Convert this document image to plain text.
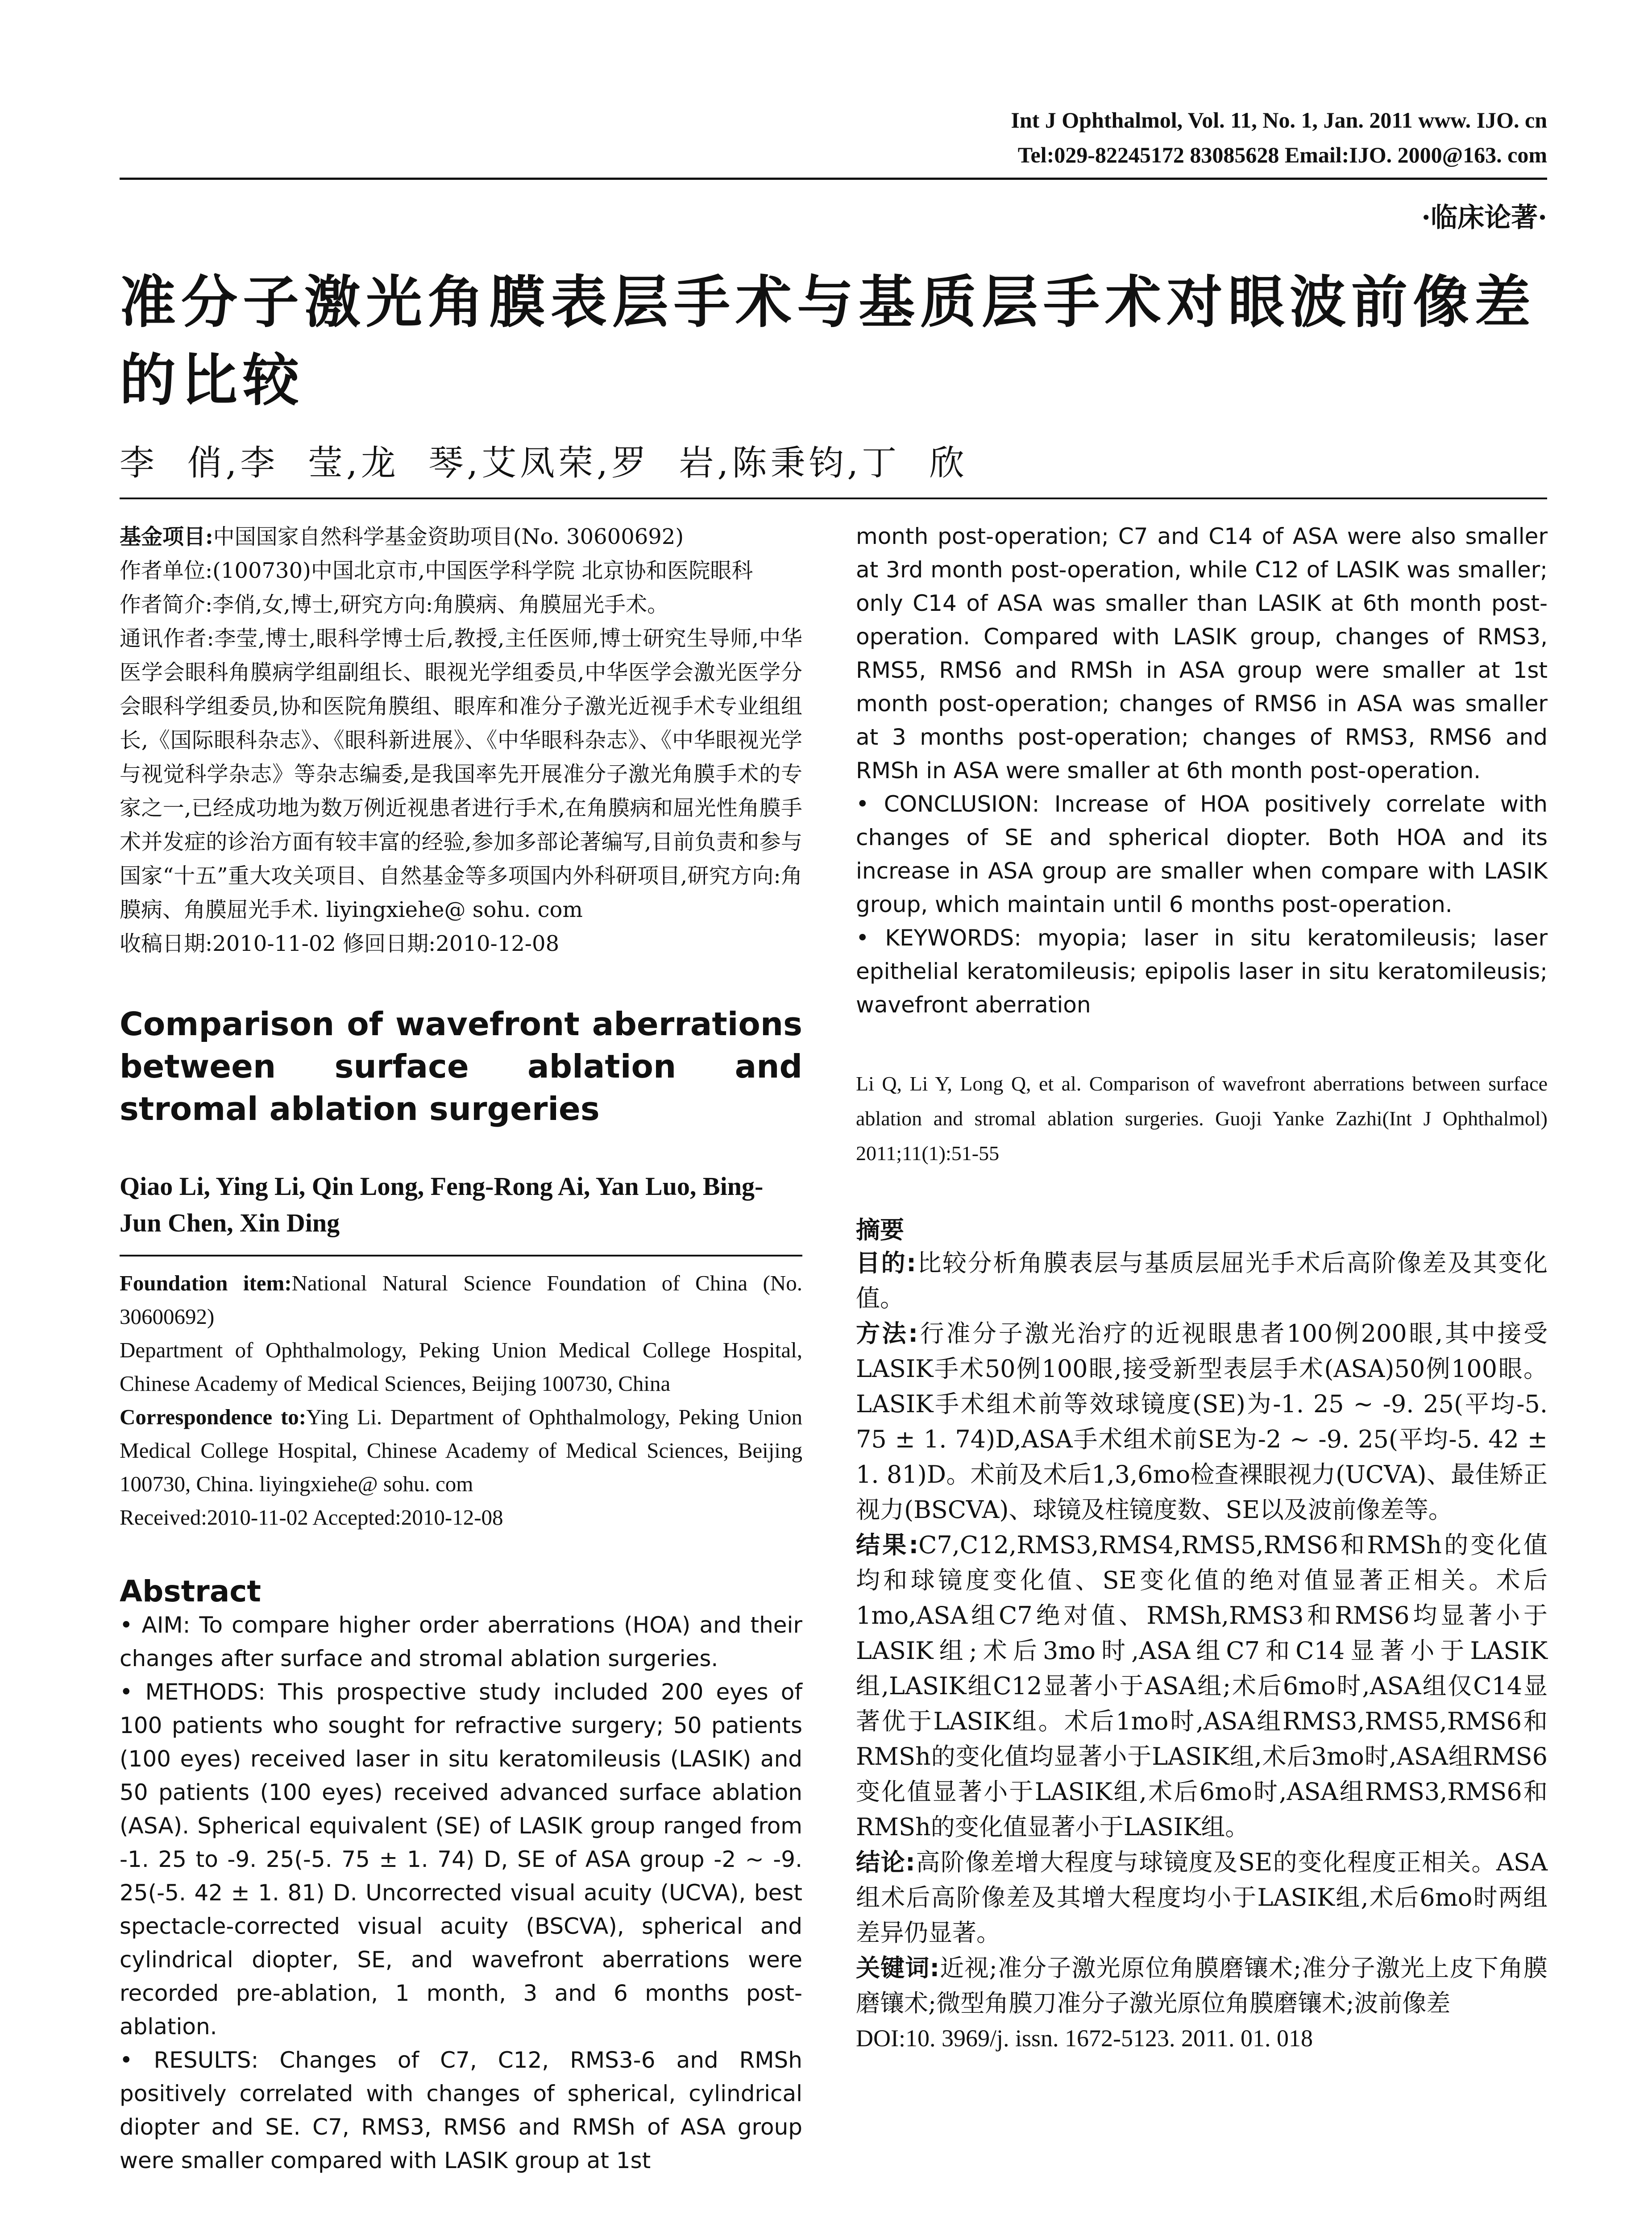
Int J Ophthalmol, Vol. 11, No. 1, Jan. 2011 www. IJO. cn
Tel:029-82245172 83085628 Email:IJO. 2000@163. com
·临床论著·
准分子激光角膜表层手术与基质层手术对眼波前像差的比较
李  俏,李  莹,龙  琴,艾凤荣,罗  岩,陈秉钧,丁  欣

基金项目:中国国家自然科学基金资助项目(No. 30600692)

作者单位:(100730)中国北京市,中国医学科学院 北京协和医院眼科

作者简介:李俏,女,博士,研究方向:角膜病、角膜屈光手术。

通讯作者:李莹,博士,眼科学博士后,教授,主任医师,博士研究生导师,中华医学会眼科角膜病学组副组长、眼视光学组委员,中华医学会激光医学分会眼科学组委员,协和医院角膜组、眼库和准分子激光近视手术专业组组长,《国际眼科杂志》、《眼科新进展》、《中华眼科杂志》、《中华眼视光学与视觉科学杂志》等杂志编委,是我国率先开展准分子激光角膜手术的专家之一,已经成功地为数万例近视患者进行手术,在角膜病和屈光性角膜手术并发症的诊治方面有较丰富的经验,参加多部论著编写,目前负责和参与国家“十五”重大攻关项目、自然基金等多项国内外科研项目,研究方向:角膜病、角膜屈光手术. liyingxiehe@ sohu. com

收稿日期:2010-11-02 修回日期:2010-12-08

Comparison of wavefront aberrations between surface ablation and stromal ablation surgeries
Qiao Li, Ying Li, Qin Long, Feng-Rong Ai, Yan Luo, Bing-Jun Chen, Xin Ding

Foundation item:National Natural Science Foundation of China (No. 30600692)

Department of Ophthalmology, Peking Union Medical College Hospital, Chinese Academy of Medical Sciences, Beijing 100730, China

Correspondence to:Ying Li. Department of Ophthalmology, Peking Union Medical College Hospital, Chinese Academy of Medical Sciences, Beijing 100730, China. liyingxiehe@ sohu. com

Received:2010-11-02 Accepted:2010-12-08

Abstract

• AIM: To compare higher order aberrations (HOA) and their changes after surface and stromal ablation surgeries.

• METHODS: This prospective study included 200 eyes of 100 patients who sought for refractive surgery; 50 patients (100 eyes) received laser in situ keratomileusis (LASIK) and 50 patients (100 eyes) received advanced surface ablation (ASA). Spherical equivalent (SE) of LASIK group ranged from -1. 25 to -9. 25(-5. 75 ± 1. 74) D, SE of ASA group -2 ~ -9. 25(-5. 42 ± 1. 81) D. Uncorrected visual acuity (UCVA), best spectacle-corrected visual acuity (BSCVA), spherical and cylindrical diopter, SE, and wavefront aberrations were recorded pre-ablation, 1 month, 3 and 6 months post-ablation.

• RESULTS: Changes of C7, C12, RMS3-6 and RMSh positively correlated with changes of spherical, cylindrical diopter and SE. C7, RMS3, RMS6 and RMSh of ASA group were smaller compared with LASIK group at 1st

month post-operation; C7 and C14 of ASA were also smaller at 3rd month post-operation, while C12 of LASIK was smaller; only C14 of ASA was smaller than LASIK at 6th month post-operation. Compared with LASIK group, changes of RMS3, RMS5, RMS6 and RMSh in ASA group were smaller at 1st month post-operation; changes of RMS6 in ASA was smaller at 3 months post-operation; changes of RMS3, RMS6 and RMSh in ASA were smaller at 6th month post-operation.

• CONCLUSION: Increase of HOA positively correlate with changes of SE and spherical diopter. Both HOA and its increase in ASA group are smaller when compare with LASIK group, which maintain until 6 months post-operation.

• KEYWORDS: myopia; laser in situ keratomileusis; laser epithelial keratomileusis; epipolis laser in situ keratomileusis; wavefront aberration

Li Q, Li Y, Long Q, et al. Comparison of wavefront aberrations between surface ablation and stromal ablation surgeries. Guoji Yanke Zazhi(Int J Ophthalmol) 2011;11(1):51-55
摘要

目的:比较分析角膜表层与基质层屈光手术后高阶像差及其变化值。

方法:行准分子激光治疗的近视眼患者100例200眼,其中接受LASIK手术50例100眼,接受新型表层手术(ASA)50例100眼。LASIK手术组术前等效球镜度(SE)为-1. 25 ~ -9. 25(平均-5. 75 ± 1. 74)D,ASA手术组术前SE为-2 ~ -9. 25(平均-5. 42 ± 1. 81)D。术前及术后1,3,6mo检查裸眼视力(UCVA)、最佳矫正视力(BSCVA)、球镜及柱镜度数、SE以及波前像差等。

结果:C7,C12,RMS3,RMS4,RMS5,RMS6和RMSh的变化值均和球镜度变化值、SE变化值的绝对值显著正相关。术后1mo,ASA组C7绝对值、RMSh,RMS3和RMS6均显著小于LASIK组;术后3mo时,ASA组C7和C14显著小于LASIK组,LASIK组C12显著小于ASA组;术后6mo时,ASA组仅C14显著优于LASIK组。术后1mo时,ASA组RMS3,RMS5,RMS6和RMSh的变化值均显著小于LASIK组,术后3mo时,ASA组RMS6变化值显著小于LASIK组,术后6mo时,ASA组RMS3,RMS6和RMSh的变化值显著小于LASIK组。

结论:高阶像差增大程度与球镜度及SE的变化程度正相关。ASA组术后高阶像差及其增大程度均小于LASIK组,术后6mo时两组差异仍显著。

关键词:近视;准分子激光原位角膜磨镶术;准分子激光上皮下角膜磨镶术;微型角膜刀准分子激光原位角膜磨镶术;波前像差

DOI:10. 3969/j. issn. 1672-5123. 2011. 01. 018
